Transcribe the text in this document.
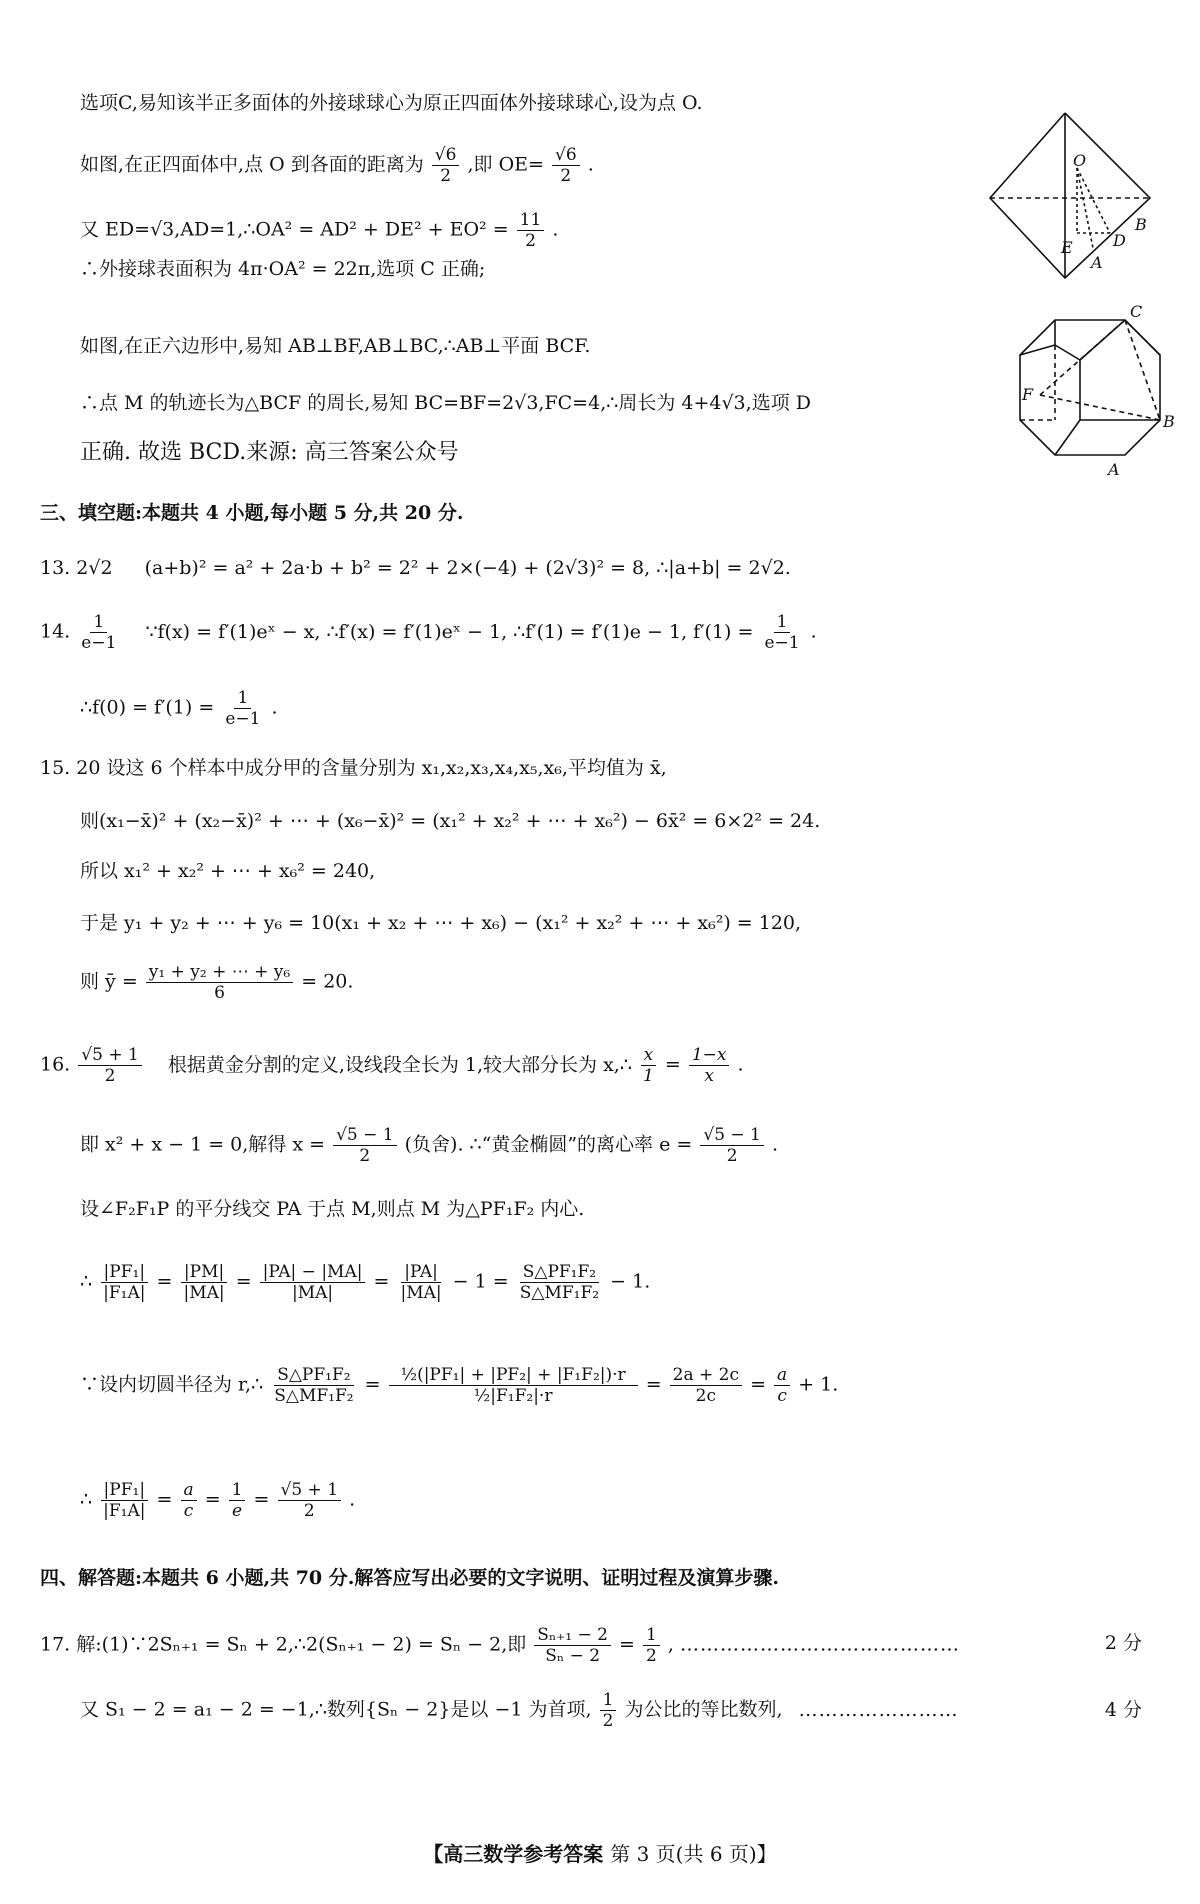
选项C,易知该半正多面体的外接球球心为原正四面体外接球球心,设为点 O.
如图,在正四面体中,点 O 到各面的距离为 $\frac{√6}{2}$ ,即 $OE= \frac{√6}{2}$ .
又 ED=√3,AD=1,∴OA² = $AD^2 + DE^2 + EO^2 = \frac{11}{2}$ .
∴外接球表面积为 4π·OA² = 22π,选项 C 正确;
如图,在正六边形中,易知 AB⊥BF,AB⊥BC,∴AB⊥平面 BCF.
∴点 M 的轨迹长为△BCF 的周长,易知 BC=BF=2√3,FC=4,∴周长为 4+4√3,选项 D
正确. 故选 BCD.来源: 高三答案公众号
O
E	D
B
A
C
F
B
A
三、填空题:本题共 4 小题,每小题 5 分,共 20 分.
13. 2√2 (a+b)² = a² + 2a·b + b² = 2² + 2×(−4) + (2√3)² = 8, ∴|a+b| = 2√2.
14. $\frac{1}{e-1}$ ∵f(x) = f′(1)eˣ − x, ∴f′(x) = f′(1)eˣ − 1, ∴f′(1) = f′(1)e − 1, $f'(1) = \frac{1}{e-1}$ .
∴f(0) = $f'(1) = \frac{1}{e-1}$ .
15. 20 设这 6 个样本中成分甲的含量分别为 x₁,x₂,x₃,x₄,x₅,x₆,平均值为 x̄,
则(x₁−x̄)² + (x₂−x̄)² + ⋯ + (x₆−x̄)² = (x₁² + x₂² + ⋯ + x₆²) − 6x̄² = 6×2² = 24.
所以 x₁² + x₂² + ⋯ + x₆² = 240,
于是 y₁ + y₂ + ⋯ + y₆ = 10(x₁ + x₂ + ⋯ + x₆) − (x₁² + x₂² + ⋯ + x₆²) = 120,
则 ȳ = $\frac{\text{y₁ + y₂ + ⋯ + y₆}}{6} = 20$.
16. $\frac{√5 + 1}{2}$ 根据黄金分割的定义,设线段全长为 1,较大部分长为 x,∴ $\frac{x}{1} = \frac{1-x}{x}$ .
即 x² + x − 1 = 0,解得 $x = \frac{√5 - 1}{2}$ (负舍). ∴“黄金椭圆”的离心率 $e = \frac{√5 - 1}{2}$ .
设∠F₂F₁P 的平分线交 PA 于点 M,则点 M 为△PF₁F₂ 内心.
∴ $\frac{\text{|PF₁|}}{\text{|F₁A|}} = \frac{|PM|}{|MA|} = \frac{|PA| - |MA|}{|MA|} = \frac{|PA|}{|MA|} - 1 = \frac{\text{S△PF₁F₂}}{\text{S△MF₁F₂}} - 1$.
∵设内切圆半径为 r,∴ $\frac{\text{S△PF₁F₂}}{\text{S△MF₁F₂}} = \frac{\text{½(|PF₁| + |PF₂| + |F₁F₂|)·r}}{\text{½|F₁F₂|·r}} = \frac{2a + 2c}{2c} = \frac{a}{c} + 1$.
∴ $\frac{\text{|PF₁|}}{\text{|F₁A|}} = \frac{a}{c} = \frac{1}{e} = \frac{√5 + 1}{2}$ .
四、解答题:本题共 6 小题,共 70 分.解答应写出必要的文字说明、证明过程及演算步骤.
17. 解:(1)∵2Sₙ₊₁ = Sₙ + 2,∴2(Sₙ₊₁ − 2) = Sₙ − 2,即 $\frac{\text{Sₙ₊₁ − 2}}{\text{Sₙ − 2}} = \frac{1}{2}$ , ……………………………………	2 分
又 S₁ − 2 = a₁ − 2 = −1,∴数列{Sₙ − 2}是以 −1 为首项, $\frac{1}{2}$ 为公比的等比数列, ……………………	4 分
【高三数学参考答案 第 3 页(共 6 页)】
